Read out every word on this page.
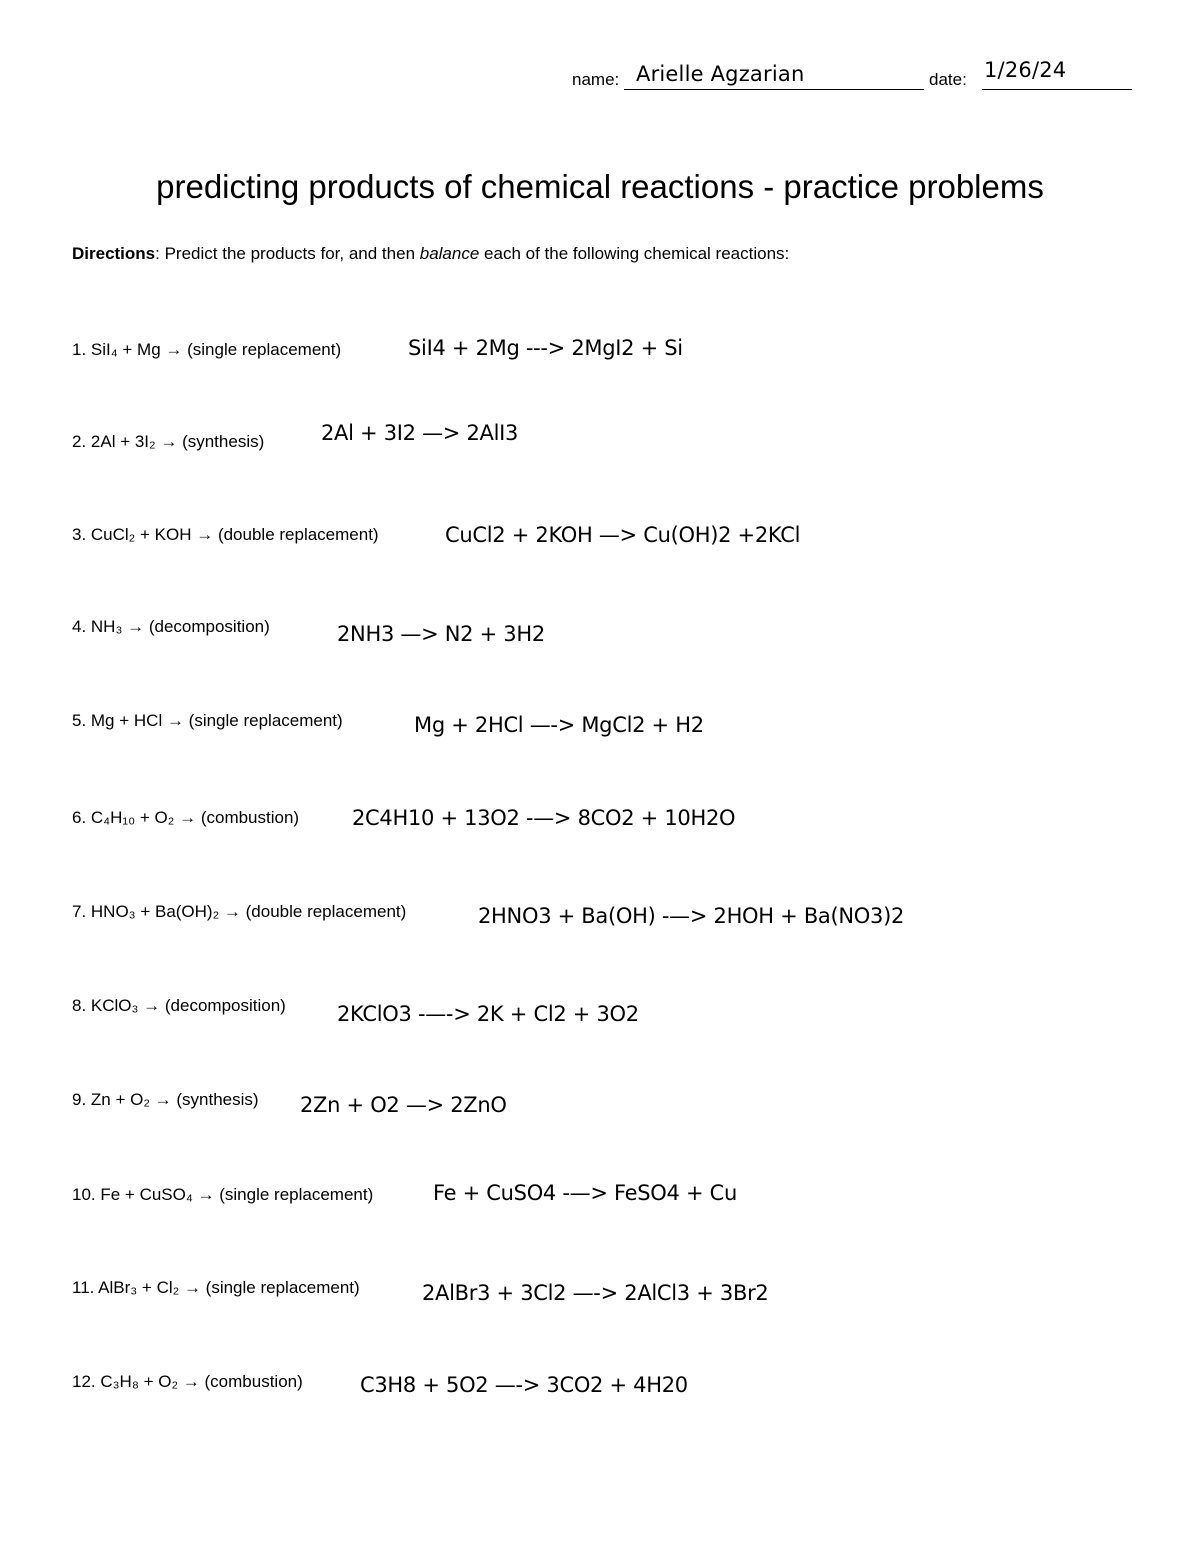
name: Arielle Agzarian	date: 1/26/24
predicting products of chemical reactions - practice problems
Directions: Predict the products for, and then balance each of the following chemical reactions:
1. SiI₄ + Mg → (single replacement)	SiI4 + 2Mg ---> 2MgI2 + Si
2. 2Al + 3I₂ → (synthesis)	2Al + 3I2 —> 2AlI3
3. CuCl₂ + KOH → (double replacement)	CuCl2 + 2KOH —> Cu(OH)2 +2KCl
4. NH₃ → (decomposition)	2NH3 —> N2 + 3H2
5. Mg + HCl → (single replacement)	Mg + 2HCl —-> MgCl2 + H2
6. C₄H₁₀ + O₂ → (combustion)	2C4H10 + 13O2 -—> 8CO2 + 10H2O
7. HNO₃ + Ba(OH)₂ → (double replacement)	2HNO3 + Ba(OH) -—> 2HOH + Ba(NO3)2
8. KClO₃ → (decomposition) 2KClO3 -—-> 2K + Cl2 + 3O2
9. Zn + O₂ → (synthesis) 2Zn + O2 —> 2ZnO
10. Fe + CuSO₄ → (single replacement)	Fe + CuSO4 -—> FeSO4 + Cu
11. AlBr₃ + Cl₂ → (single replacement)	2AlBr3 + 3Cl2 —-> 2AlCl3 + 3Br2
12. C₃H₈ + O₂ → (combustion)	C3H8 + 5O2 —-> 3CO2 + 4H20
